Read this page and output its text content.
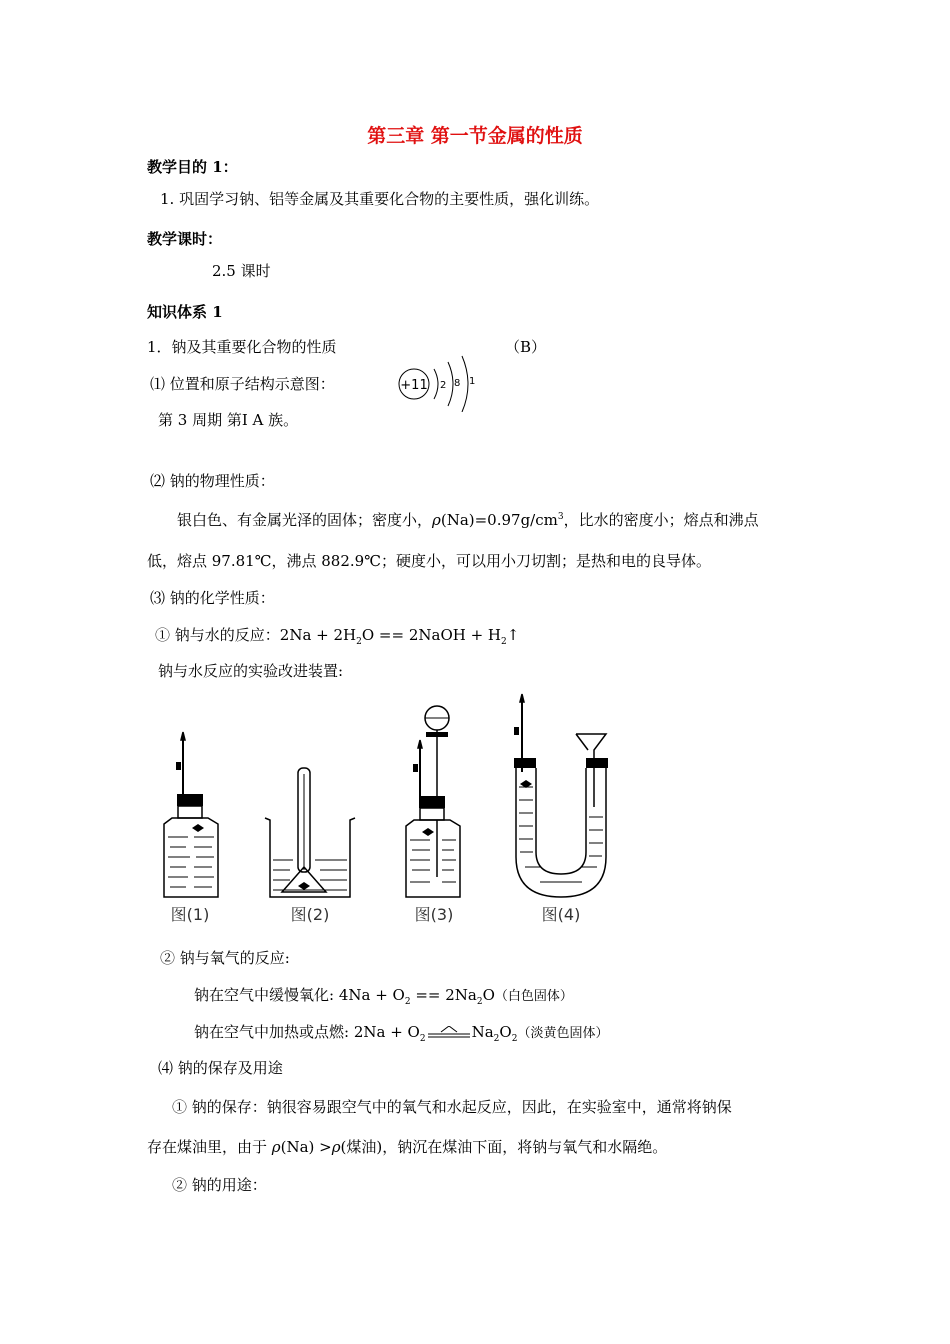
第三章 第一节金属的性质
教学目的 1：
1. 巩固学习钠、铝等金属及其重要化合物的主要性质，强化训练。
教学课时：
2.5 课时
知识体系 1
1．钠及其重要化合物的性质	（B）
⑴ 位置和原子结构示意图：	+11 2 8 1
第 3 周期 第Ⅰ A 族。
⑵ 钠的物理性质：
银白色、有金属光泽的固体；密度小，$\rho(Na)=0.97g/cm^3$，比水的密度小；熔点和沸点
低，熔点 97.81℃，沸点 882.9℃；硬度小，可以用小刀切割；是热和电的良导体。
⑶ 钠的化学性质：
① 钠与水的反应：$2Na + 2H_2O$ == 2NaOH + $H_2↑$
钠与水反应的实验改进装置:
图(1)	图(2)	图(3)	图(4)
② 钠与氧气的反应:
钠在空气中缓慢氧化: $4Na + O_2 == 2Na_2O$（白色固体）
钠在空气中加热或点燃: $2Na + O_2$	$Na_2O_2$（淡黄色固体）
⑷ 钠的保存及用途
① 钠的保存：钠很容易跟空气中的氧气和水起反应，因此，在实验室中，通常将钠保
存在煤油里，由于 ρ(Na) >ρ(煤油)，钠沉在煤油下面，将钠与氧气和水隔绝。
② 钠的用途：
